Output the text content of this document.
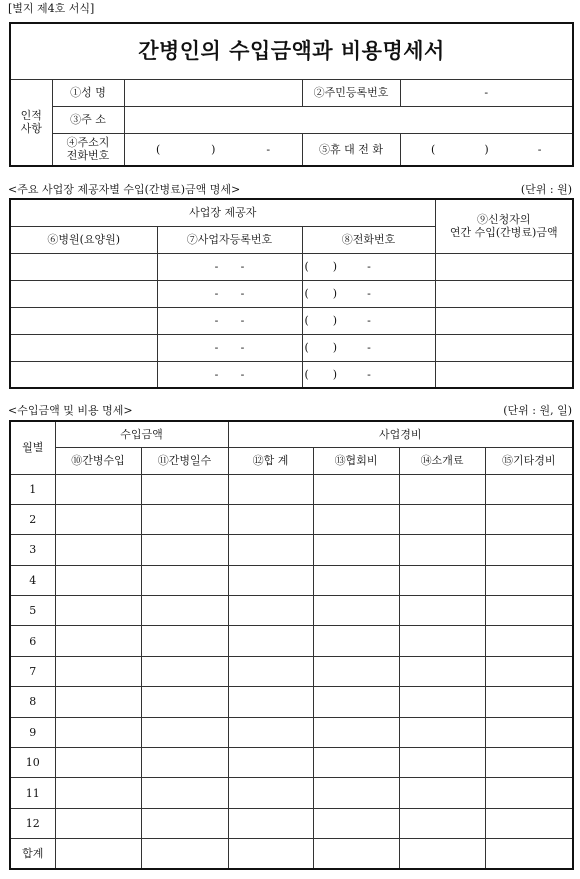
[별지 제4호 서식]
간병인의 수입금액과 비용명세서				
인적
사항	①성 명		②주민등록번호	-
	③주 소			
	④주소지
전화번호	( ) -	⑤휴 대 전 화	( ) -
<주요 사업장 제공자별 수입(간병료)금액 명세>	(단위 : 원)
사업장 제공자			⑨신청자의
연간 수입(간병료)금액
⑥병원(요양원)	⑦사업자등록번호	⑧전화번호	
	- -	( ) -	

	- -	( ) -	

	- -	( ) -	

	- -	( ) -	

	- -	( ) -	

<수입금액 및 비용 명세>	(단위 : 원, 일)
월별	수입금액		사업경비			
	⑩간병수입	⑪간병일수	⑫합 계	⑬협회비	⑭소개료	⑮기타경비
1						
2						
3						
4						
5						
6						
7						
8						
9						
10						
11						
12						
합계						
